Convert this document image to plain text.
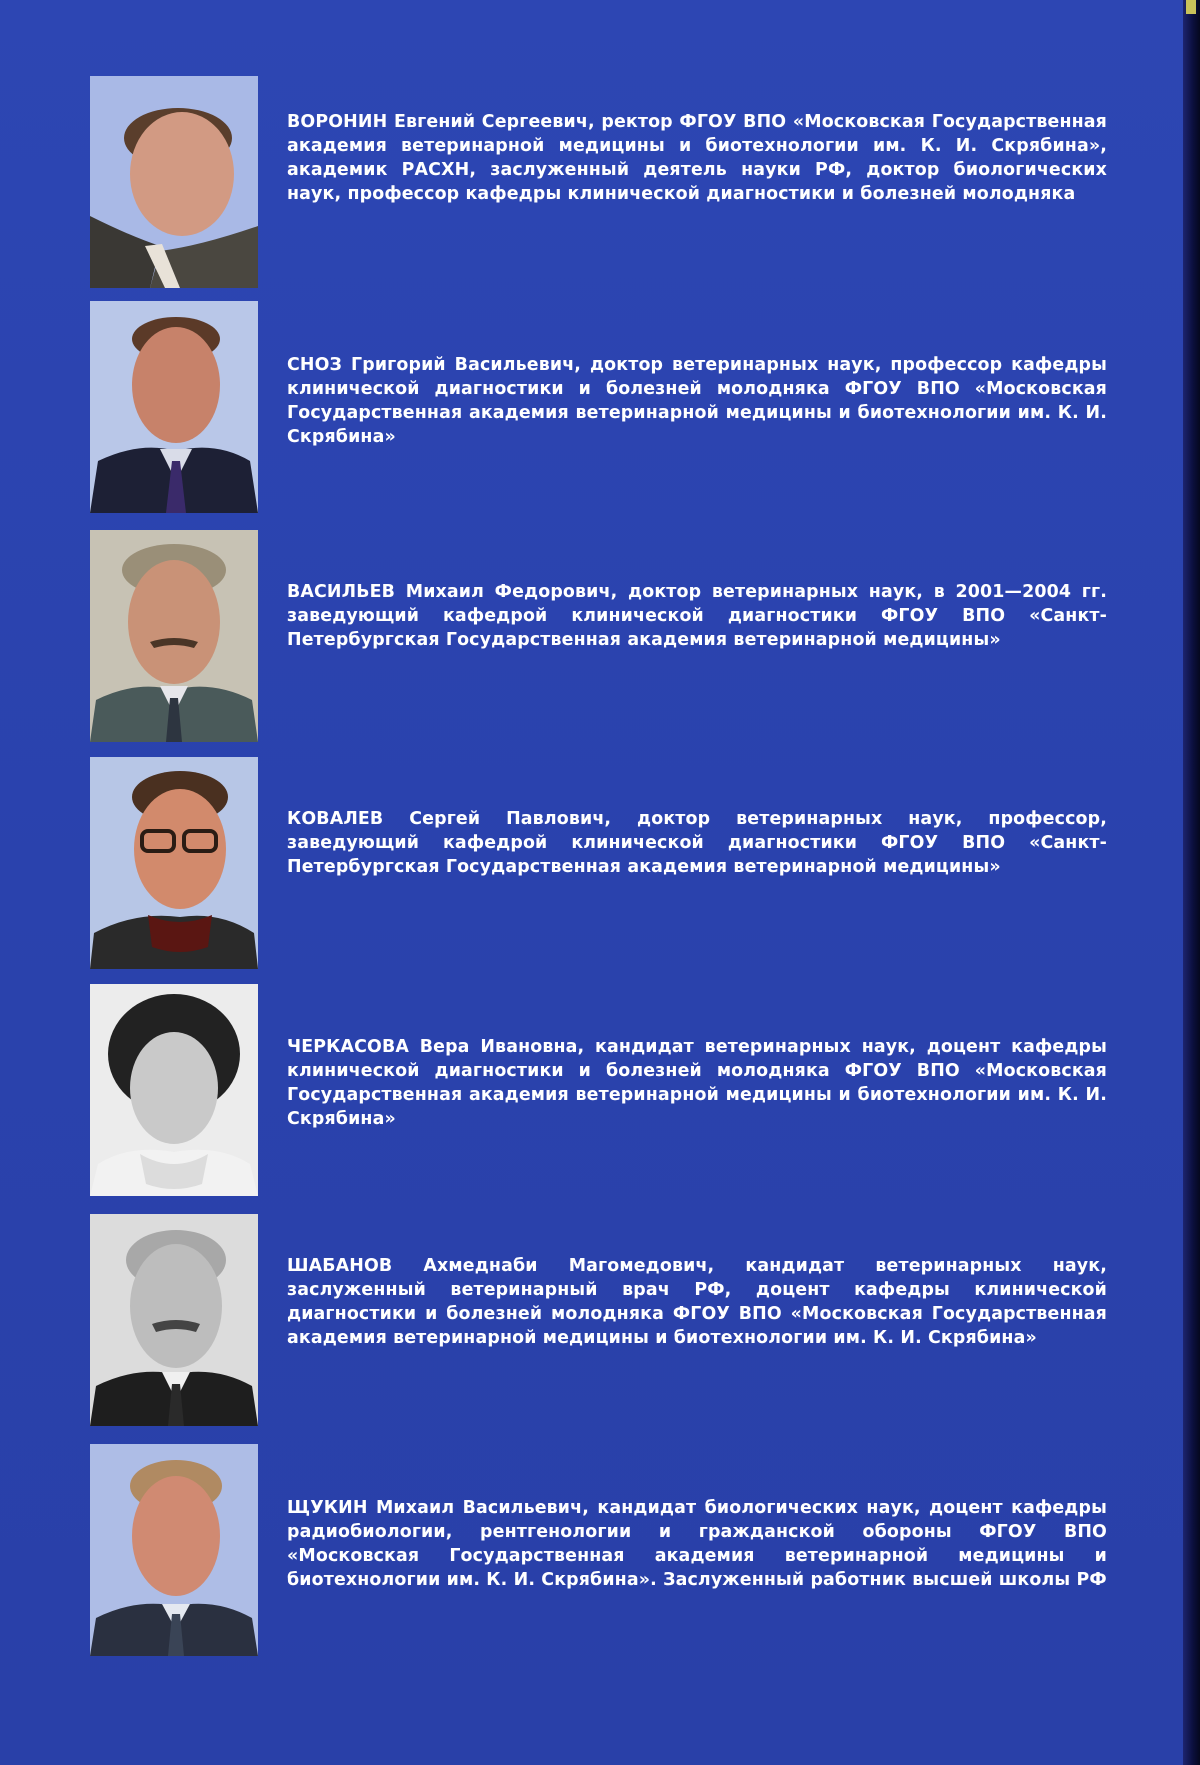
ВОРОНИН Евгений Сергеевич, ректор ФГОУ ВПО «Московская Государственная академия ветеринарной медицины и биотехнологии им. К. И. Скрябина», академик РАСХН, заслуженный деятель науки РФ, доктор биологических наук, профессор кафедры клинической диагностики и болезней молодняка

СНОЗ Григорий Васильевич, доктор ветеринарных наук, профессор кафедры клинической диагностики и болезней молодняка ФГОУ ВПО «Московская Государственная академия ветеринарной медицины и биотехнологии им. К. И. Скрябина»

ВАСИЛЬЕВ Михаил Федорович, доктор ветеринарных наук, в 2001—2004 гг. заведующий кафедрой клинической диагностики ФГОУ ВПО «Санкт-Петербургская Государственная академия ветеринарной медицины»

КОВАЛЕВ Сергей Павлович, доктор ветеринарных наук, профессор, заведующий кафедрой клинической диагностики ФГОУ ВПО «Санкт-Петербургская Государственная академия ветеринарной медицины»

ЧЕРКАСОВА Вера Ивановна, кандидат ветеринарных наук, доцент кафедры клинической диагностики и болезней молодняка ФГОУ ВПО «Московская Государственная академия ветеринарной медицины и биотехнологии им. К. И. Скрябина»

ШАБАНОВ Ахмеднаби Магомедович, кандидат ветеринарных наук, заслуженный ветеринарный врач РФ, доцент кафедры клинической диагностики и болезней молодняка ФГОУ ВПО «Московская Государственная академия ветеринарной медицины и биотехнологии им. К. И. Скрябина»

ЩУКИН Михаил Васильевич, кандидат биологических наук, доцент кафедры радиобиологии, рентгенологии и гражданской обороны ФГОУ ВПО «Московская Государственная академия ветеринарной медицины и биотехнологии им. К. И. Скрябина». Заслуженный работник высшей школы РФ
